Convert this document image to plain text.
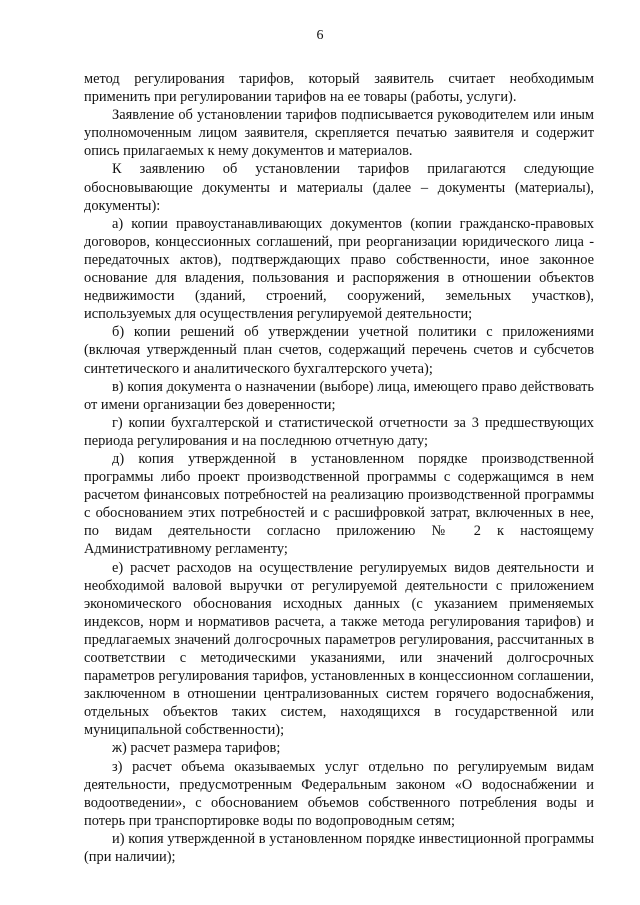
6

метод регулирования тарифов, который заявитель считает необходимым применить при регулировании тарифов на ее товары (работы, услуги).

Заявление об установлении тарифов подписывается руководителем или иным уполномоченным лицом заявителя, скрепляется печатью заявителя и содержит опись прилагаемых к нему документов и материалов.

К заявлению об установлении тарифов прилагаются следующие обосновывающие документы и материалы (далее – документы (материалы), документы):

а) копии правоустанавливающих документов (копии гражданско-правовых договоров, концессионных соглашений, при реорганизации юридического лица - передаточных актов), подтверждающих право собственности, иное законное основание для владения, пользования и распоряжения в отношении объектов недвижимости (зданий, строений, сооружений, земельных участков), используемых для осуществления регулируемой деятельности;

б) копии решений об утверждении учетной политики с приложениями (включая утвержденный план счетов, содержащий перечень счетов и субсчетов синтетического и аналитического бухгалтерского учета);

в) копия документа о назначении (выборе) лица, имеющего право действовать от имени организации без доверенности;

г) копии бухгалтерской и статистической отчетности за 3 предшествующих периода регулирования и на последнюю отчетную дату;

д) копия утвержденной в установленном порядке производственной программы либо проект производственной программы с содержащимся в нем расчетом финансовых потребностей на реализацию производственной программы с обоснованием этих потребностей и с расшифровкой затрат, включенных в нее, по видам деятельности согласно приложению № 2 к настоящему Административному регламенту;

е) расчет расходов на осуществление регулируемых видов деятельности и необходимой валовой выручки от регулируемой деятельности с приложением экономического обоснования исходных данных (с указанием применяемых индексов, норм и нормативов расчета, а также метода регулирования тарифов) и предлагаемых значений долгосрочных параметров регулирования, рассчитанных в соответствии с методическими указаниями, или значений долгосрочных параметров регулирования тарифов, установленных в концессионном соглашении, заключенном в отношении централизованных систем горячего водоснабжения, отдельных объектов таких систем, находящихся в государственной или муниципальной собственности);

ж) расчет размера тарифов;

з) расчет объема оказываемых услуг отдельно по регулируемым видам деятельности, предусмотренным Федеральным законом «О водоснабжении и водоотведении», с обоснованием объемов собственного потребления воды и потерь при транспортировке воды по водопроводным сетям;

и) копия утвержденной в установленном порядке инвестиционной программы (при наличии);
